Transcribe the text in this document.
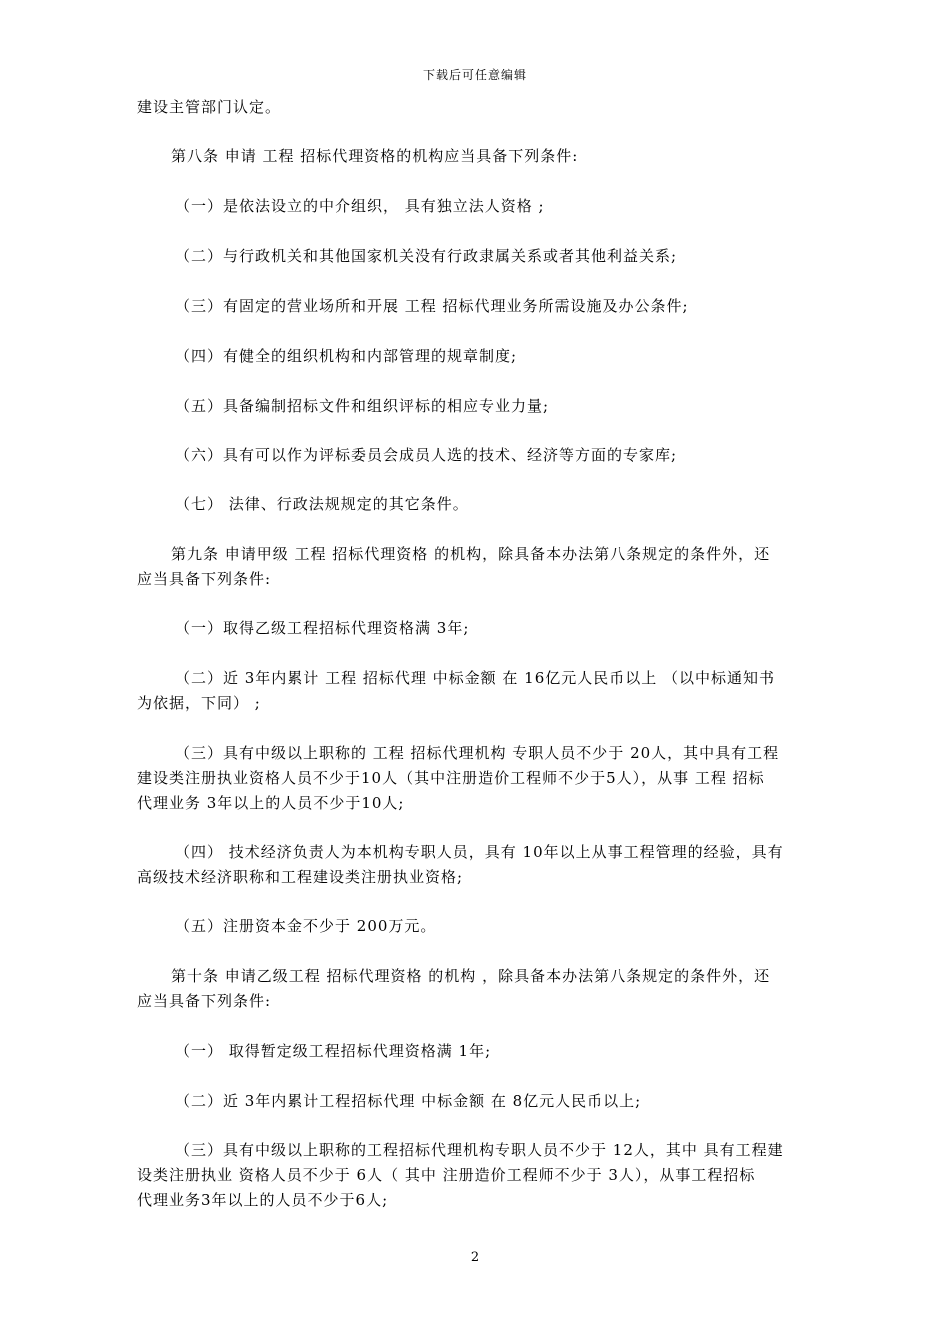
下载后可任意编辑
建设主管部门认定。
第八条 申请 工程 招标代理资格的机构应当具备下列条件:
（一）是依法设立的中介组织， 具有独立法人资格 ;
（二）与行政机关和其他国家机关没有行政隶属关系或者其他利益关系;
（三）有固定的营业场所和开展 工程 招标代理业务所需设施及办公条件;
（四）有健全的组织机构和内部管理的规章制度;
（五）具备编制招标文件和组织评标的相应专业力量;
（六）具有可以作为评标委员会成员人选的技术、经济等方面的专家库;
（七） 法律、行政法规规定的其它条件。
第九条 申请甲级 工程 招标代理资格 的机构，除具备本办法第八条规定的条件外，还
应当具备下列条件:
（一）取得乙级工程招标代理资格满 3年;
（二）近 3年内累计 工程 招标代理 中标金额 在 16亿元人民币以上 （以中标通知书
为依据，下同） ;
（三）具有中级以上职称的 工程 招标代理机构 专职人员不少于 20人，其中具有工程
建设类注册执业资格人员不少于10人（其中注册造价工程师不少于5人），从事 工程 招标
代理业务 3年以上的人员不少于10人;
（四） 技术经济负责人为本机构专职人员，具有 10年以上从事工程管理的经验，具有
高级技术经济职称和工程建设类注册执业资格;
（五）注册资本金不少于 200万元。
第十条 申请乙级工程 招标代理资格 的机构 ，除具备本办法第八条规定的条件外，还
应当具备下列条件:
（一） 取得暂定级工程招标代理资格满 1年;
（二）近 3年内累计工程招标代理 中标金额 在 8亿元人民币以上;
（三）具有中级以上职称的工程招标代理机构专职人员不少于 12人，其中 具有工程建
设类注册执业 资格人员不少于 6人（ 其中 注册造价工程师不少于 3人），从事工程招标
代理业务3年以上的人员不少于6人;
2
